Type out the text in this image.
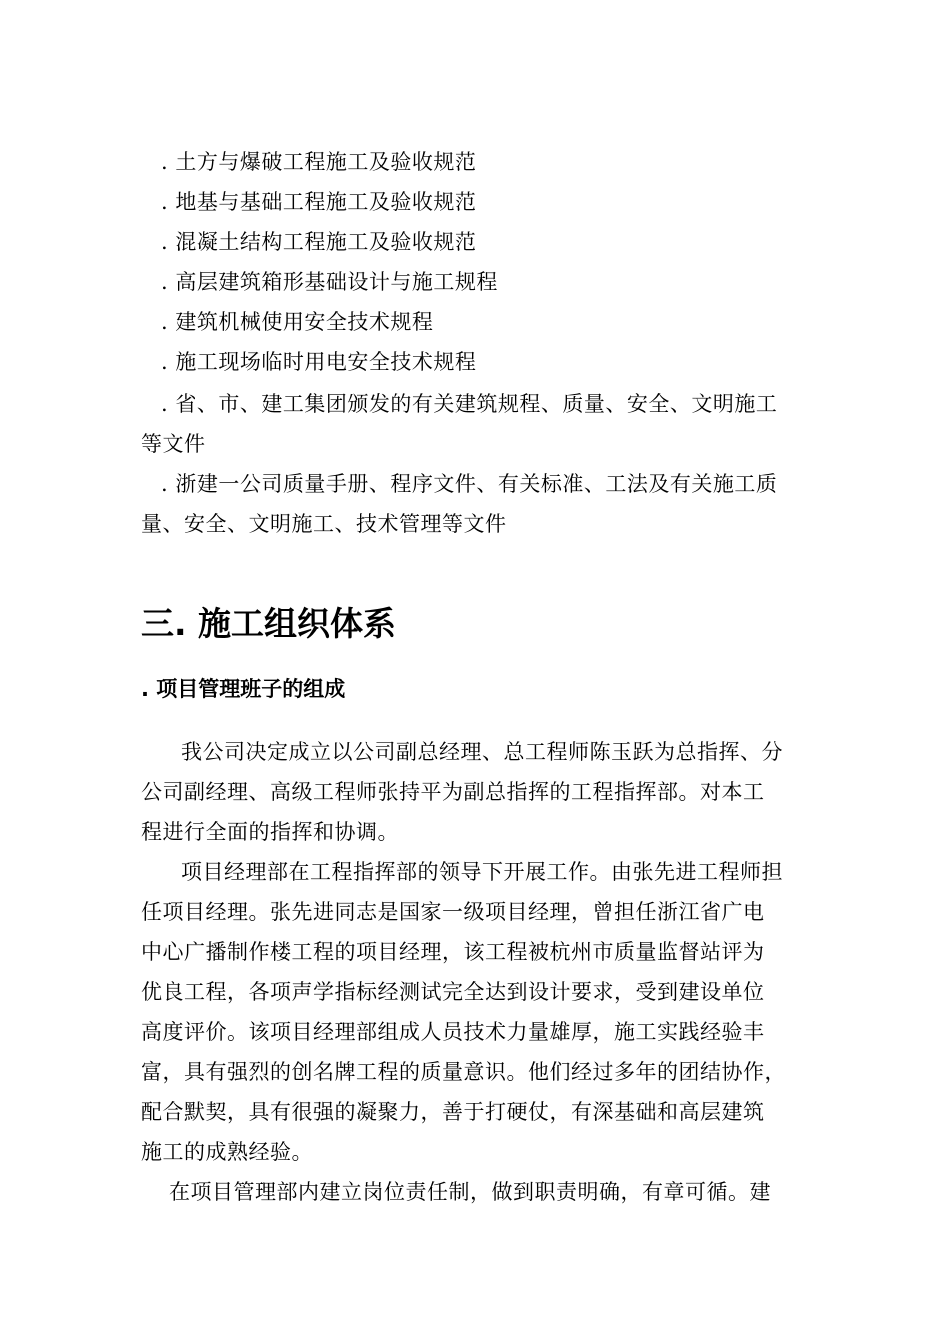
. 土方与爆破工程施工及验收规范
. 地基与基础工程施工及验收规范
. 混凝土结构工程施工及验收规范
. 高层建筑箱形基础设计与施工规程
. 建筑机械使用安全技术规程
. 施工现场临时用电安全技术规程
. 省、市、建工集团颁发的有关建筑规程、质量、安全、文明施工
等文件
. 浙建一公司质量手册、程序文件、有关标准、工法及有关施工质
量、安全、文明施工、技术管理等文件
三. 施工组织体系
. 项目管理班子的组成
我公司决定成立以公司副总经理、总工程师陈玉跃为总指挥、分
公司副经理、高级工程师张持平为副总指挥的工程指挥部。对本工
程进行全面的指挥和协调。
项目经理部在工程指挥部的领导下开展工作。由张先进工程师担
任项目经理。张先进同志是国家一级项目经理，曾担任浙江省广电
中心广播制作楼工程的项目经理，该工程被杭州市质量监督站评为
优良工程，各项声学指标经测试完全达到设计要求，受到建设单位
高度评价。该项目经理部组成人员技术力量雄厚，施工实践经验丰
富，具有强烈的创名牌工程的质量意识。他们经过多年的团结协作，
配合默契，具有很强的凝聚力，善于打硬仗，有深基础和高层建筑
施工的成熟经验。
在项目管理部内建立岗位责任制，做到职责明确，有章可循。建
